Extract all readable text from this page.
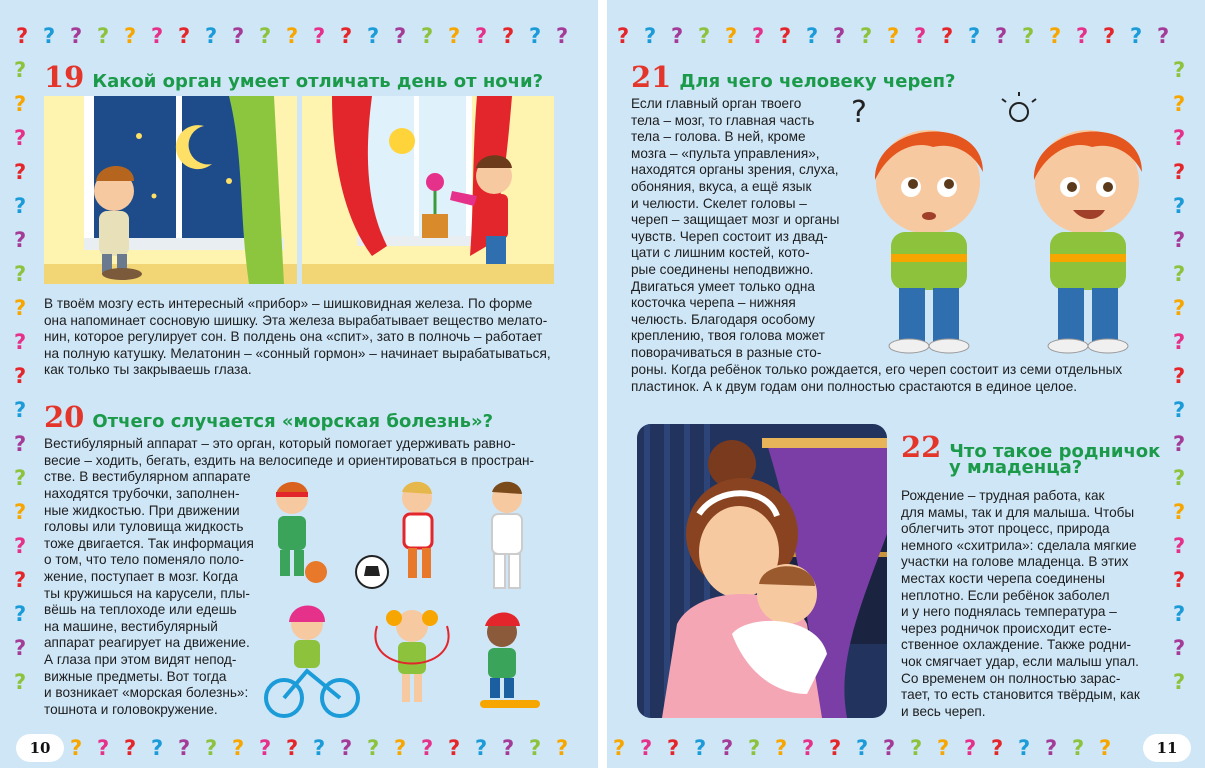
? ? ? ? ? ? ? ? ? ? ? ? ? ? ? ? ? ? ? ? ?
?
?
?
?
?
?
?
?
?
?
?
?
?
?
?
?
?
?
?
? ? ? ? ? ? ? ? ? ? ? ? ? ? ? ? ? ? ?
19 Какой орган умеет отличать день от ночи?
В твоём мозгу есть интересный «прибор» – шишковидная железа. По форме
она напоминает сосновую шишку. Эта железа вырабатывает вещество мелато-
нин, которое регулирует сон. В полдень она «спит», зато в полночь – работает
на полную катушку. Мелатонин – «сонный гормон» – начинает вырабатываться,
как только ты закрываешь глаза.
20 Отчего случается «морская болезнь»?
Вестибулярный аппарат – это орган, который помогает удерживать равно-
весие – ходить, бегать, ездить на велосипеде и ориентироваться в простран-
стве. В вестибулярном аппарате
находятся трубочки, заполнен-
ные жидкостью. При движении
головы или туловища жидкость
тоже двигается. Так информация
о том, что тело поменяло поло-
жение, поступает в мозг. Когда
ты кружишься на карусели, плы-
вёшь на теплоходе или едешь
на машине, вестибулярный
аппарат реагирует на движение.
А глаза при этом видят непод-
вижные предметы. Вот тогда
и возникает «морская болезнь»:
тошнота и головокружение.
10
? ? ? ? ? ? ? ? ? ? ? ? ? ? ? ? ? ? ? ? ?
?
?
?
?
?
?
?
?
?
?
?
?
?
?
?
?
?
?
?
? ? ? ? ? ? ? ? ? ? ? ? ? ? ? ? ? ? ?
21 Для чего человеку череп?
Если главный орган твоего
тела – мозг, то главная часть
тела – голова. В ней, кроме
мозга – «пульта управления»,
находятся органы зрения, слуха,
обоняния, вкуса, а ещё язык
и челюсти. Скелет головы –
череп – защищает мозг и органы
чувств. Череп состоит из двад-
цати с лишним костей, кото-
рые соединены неподвижно.
Двигаться умеет только одна
косточка черепа – нижняя
челюсть. Благодаря особому
креплению, твоя голова может
поворачиваться в разные сто-
роны. Когда ребёнок только рождается, его череп состоит из семи отдельных
пластинок. А к двум годам они полностью срастаются в единое целое.
?
22 Что такое родничок
у младенца?
Рождение – трудная работа, как
для мамы, так и для малыша. Чтобы
облегчить этот процесс, природа
немного «схитрила»: сделала мягкие
участки на голове младенца. В этих
местах кости черепа соединены
неплотно. Если ребёнок заболел
и у него поднялась температура –
через родничок происходит есте-
ственное охлаждение. Также родни-
чок смягчает удар, если малыш упал.
Со временем он полностью зарас-
тает, то есть становится твёрдым, как
и весь череп.
11
